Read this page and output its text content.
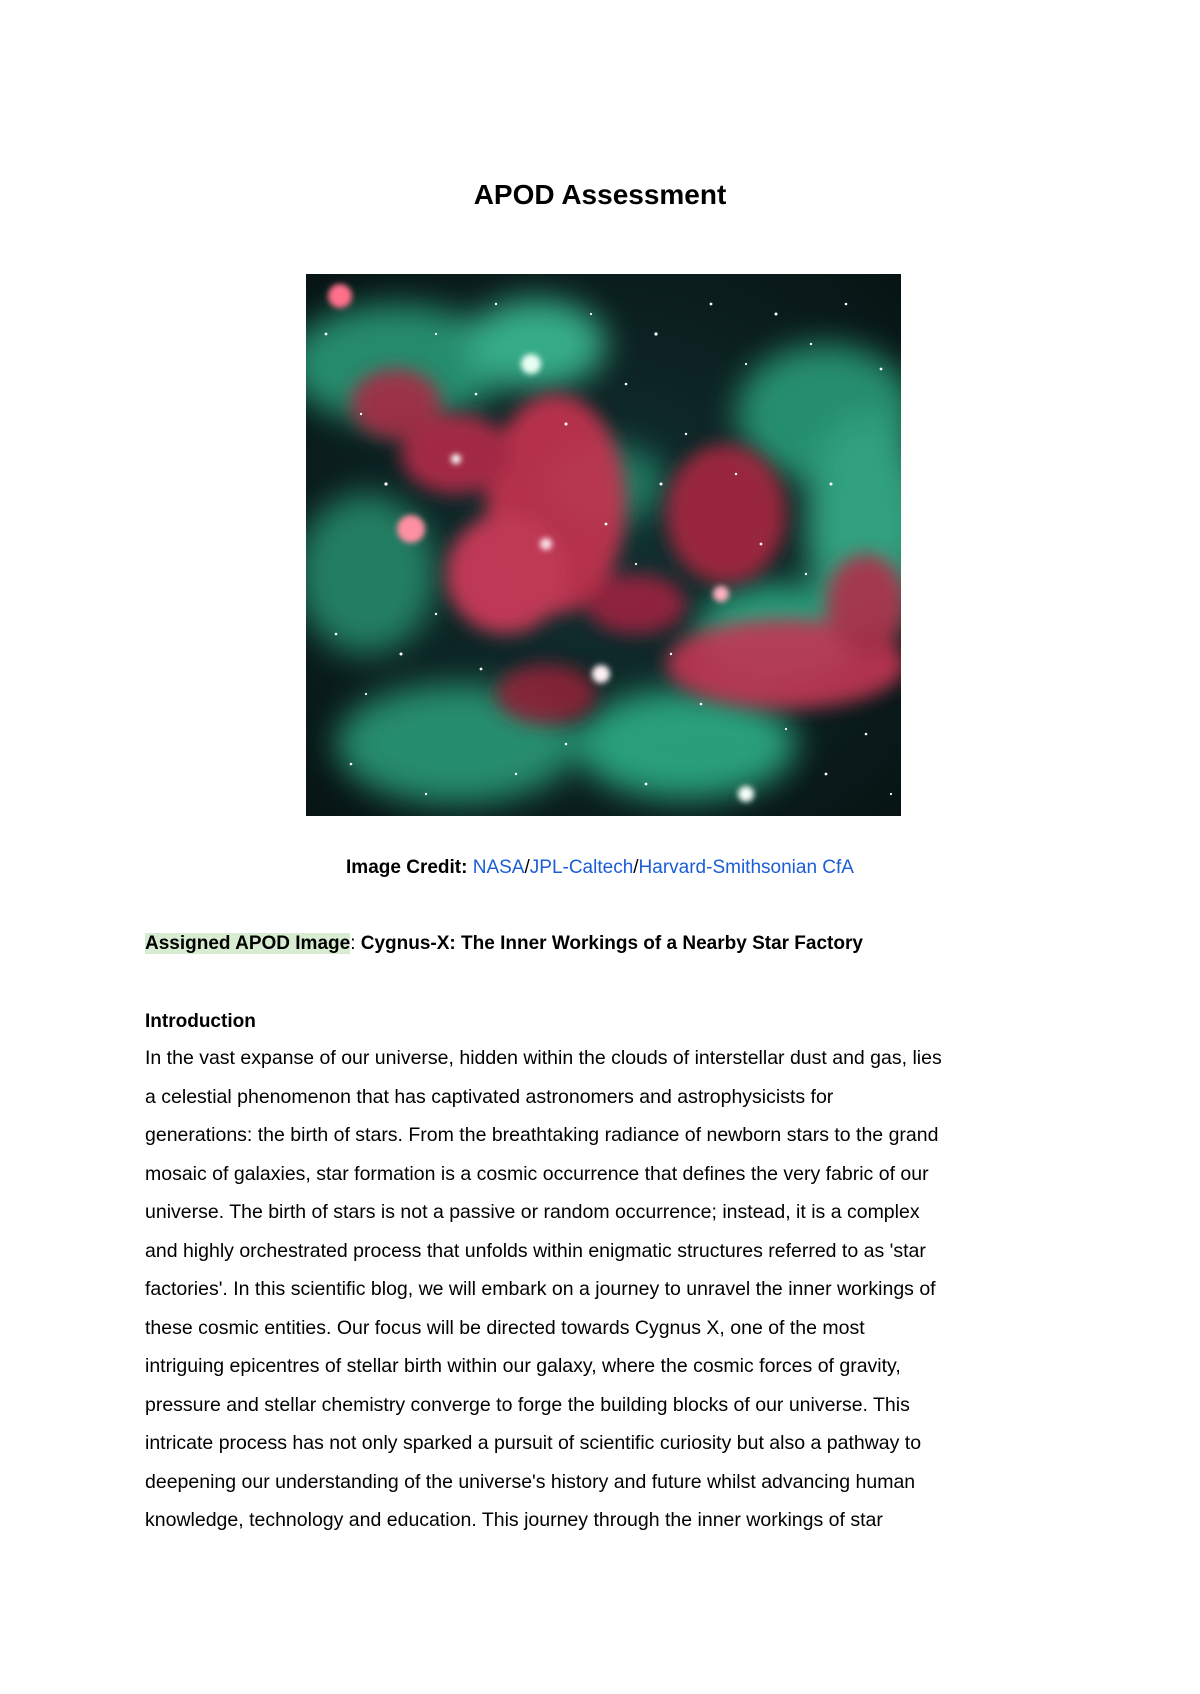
APOD Assessment
Image Credit: NASA/JPL-Caltech/Harvard-Smithsonian CfA
Assigned APOD Image: Cygnus-X: The Inner Workings of a Nearby Star Factory
Introduction
In the vast expanse of our universe, hidden within the clouds of interstellar dust and gas, lies
a celestial phenomenon that has captivated astronomers and astrophysicists for
generations: the birth of stars. From the breathtaking radiance of newborn stars to the grand
mosaic of galaxies, star formation is a cosmic occurrence that defines the very fabric of our
universe. The birth of stars is not a passive or random occurrence; instead, it is a complex
and highly orchestrated process that unfolds within enigmatic structures referred to as 'star
factories'. In this scientific blog, we will embark on a journey to unravel the inner workings of
these cosmic entities. Our focus will be directed towards Cygnus X, one of the most
intriguing epicentres of stellar birth within our galaxy, where the cosmic forces of gravity,
pressure and stellar chemistry converge to forge the building blocks of our universe. This
intricate process has not only sparked a pursuit of scientific curiosity but also a pathway to
deepening our understanding of the universe's history and future whilst advancing human
knowledge, technology and education. This journey through the inner workings of star
